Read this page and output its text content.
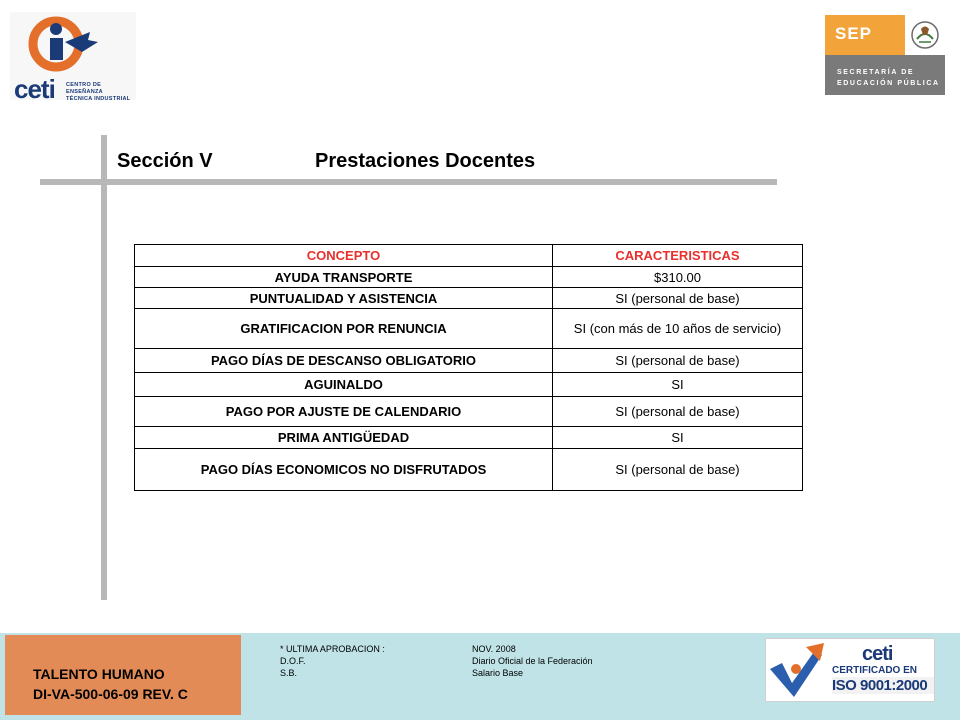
ceti CENTRO DE ENSEÑANZA
TÉCNICA INDUSTRIAL
SEP
SECRETARÍA DE
EDUCACIÓN PÚBLICA
Sección V	Prestaciones Docentes
CONCEPTO	CARACTERISTICAS
AYUDA TRANSPORTE	$310.00
PUNTUALIDAD Y ASISTENCIA	SI (personal de base)
GRATIFICACION POR RENUNCIA	SI (con más de 10 años de servicio)
PAGO DÍAS DE DESCANSO OBLIGATORIO	SI (personal de base)
AGUINALDO	SI
PAGO POR AJUSTE DE CALENDARIO	SI (personal de base)
PRIMA ANTIGÜEDAD	SI
PAGO DÍAS ECONOMICOS NO DISFRUTADOS	SI (personal de base)
TALENTO HUMANO
DI-VA-500-06-09 REV. C
* ULTIMA APROBACION :	NOV. 2008
D.O.F.	Diario Oficial de la Federación
S.B.	Salario Base
ceti
CERTIFICADO EN
ISO 9001:2000
